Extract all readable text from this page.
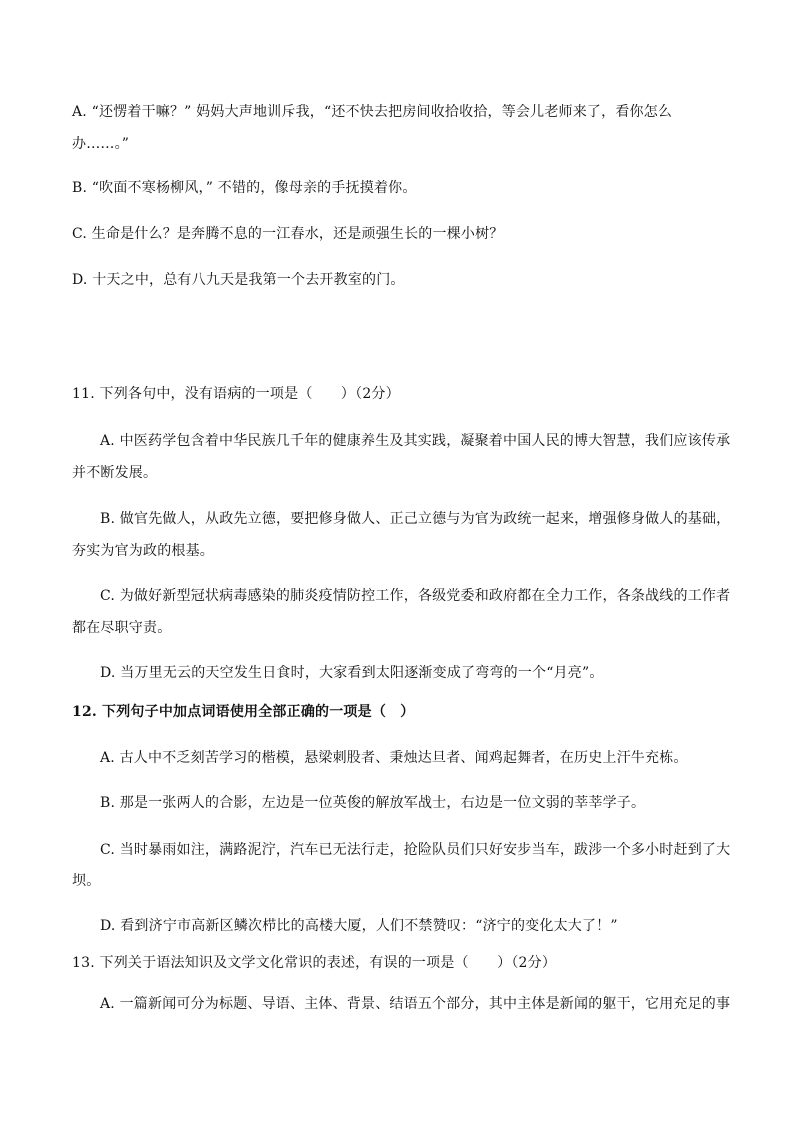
A. “还愣着干嘛？” 妈妈大声地训斥我，“还不快去把房间收拾收拾，等会儿老师来了，看你怎么
办……。”
B. “吹面不寒杨柳风，” 不错的，像母亲的手抚摸着你。
C. 生命是什么？是奔腾不息的一江春水，还是顽强生长的一棵小树？
D. 十天之中，总有八九天是我第一个去开教室的门。
11. 下列各句中，没有语病的一项是（　　）（2分）
A. 中医药学包含着中华民族几千年的健康养生及其实践，凝聚着中国人民的博大智慧，我们应该传承
并不断发展。
B. 做官先做人，从政先立德，要把修身做人、正己立德与为官为政统一起来，增强修身做人的基础，
夯实为官为政的根基。
C. 为做好新型冠状病毒感染的肺炎疫情防控工作，各级党委和政府都在全力工作，各条战线的工作者
都在尽职守责。
D. 当万里无云的天空发生日食时，大家看到太阳逐渐变成了弯弯的一个“月亮”。
12. 下列句子中加点词语使用全部正确的一项是（　）
A. 古人中不乏刻苦学习的楷模，悬梁刺股者、秉烛达旦者、闻鸡起舞者，在历史上汗牛充栋。
B. 那是一张两人的合影，左边是一位英俊的解放军战士，右边是一位文弱的莘莘学子。
C. 当时暴雨如注，满路泥泞，汽车已无法行走，抢险队员们只好安步当车，跋涉一个多小时赶到了大
坝。
D. 看到济宁市高新区鳞次栉比的高楼大厦，人们不禁赞叹：“济宁的变化太大了！”
13. 下列关于语法知识及文学文化常识的表述，有误的一项是（　　）（2分）
A. 一篇新闻可分为标题、导语、主体、背景、结语五个部分，其中主体是新闻的躯干，它用充足的事
